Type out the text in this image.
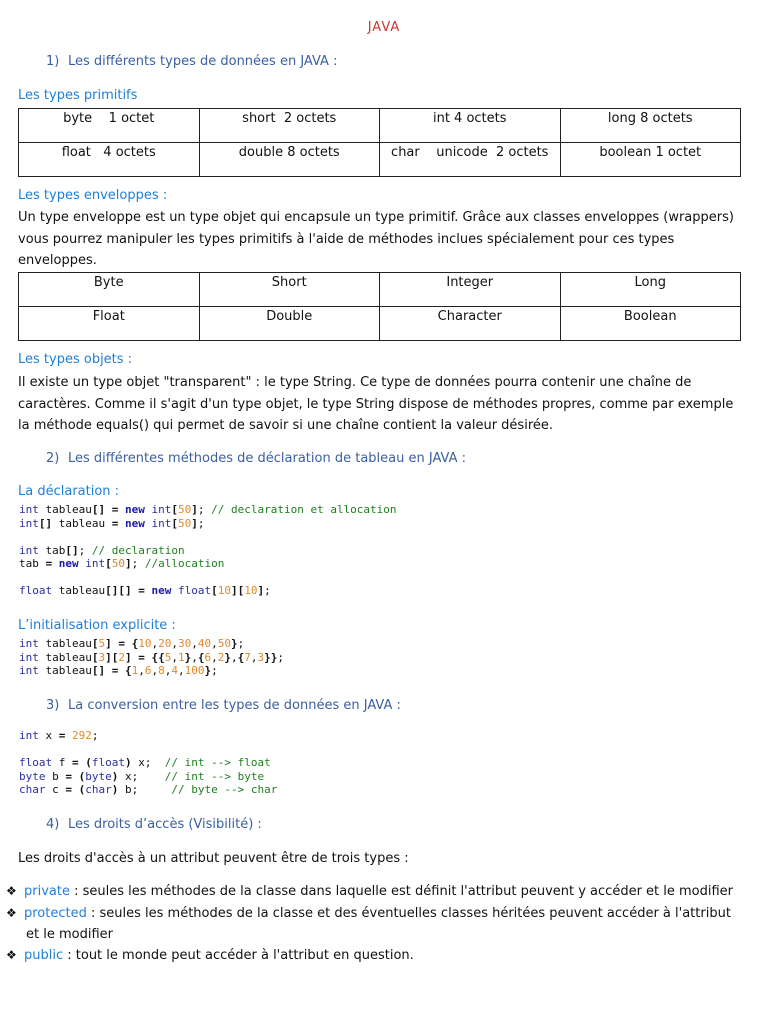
JAVA
1) Les différents types de données en JAVA :
Les types primitifs
byte    1 octet	short  2 octets	int 4 octets	long 8 octets
float   4 octets	double 8 octets	char    unicode  2 octets	boolean 1 octet
Les types enveloppes :
Un type enveloppe est un type objet qui encapsule un type primitif. Grâce aux classes enveloppes (wrappers)
vous pourrez manipuler les types primitifs à l'aide de méthodes inclues spécialement pour ces types
enveloppes.
Byte	Short	Integer	Long
Float	Double	Character	Boolean
Les types objets :
Il existe un type objet "transparent" : le type String. Ce type de données pourra contenir une chaîne de
caractères. Comme il s'agit d'un type objet, le type String dispose de méthodes propres, comme par exemple
la méthode equals() qui permet de savoir si une chaîne contient la valeur désirée.
2) Les différentes méthodes de déclaration de tableau en JAVA :
La déclaration :
int tableau[] = new int[50]; // declaration et allocation
int[] tableau = new int[50];

int tab[]; // declaration
tab = new int[50]; //allocation

float tableau[][] = new float[10][10];
L’initialisation explicite :
int tableau[5] = {10,20,30,40,50};
int tableau[3][2] = {{5,1},{6,2},{7,3}};
int tableau[] = {1,6,8,4,100};
3) La conversion entre les types de données en JAVA :
int x = 292;

float f = (float) x;  // int --> float
byte b = (byte) x;    // int --> byte
char c = (char) b;     // byte --> char
4) Les droits d’accès (Visibilité) :
Les droits d'accès à un attribut peuvent être de trois types :
❖ private : seules les méthodes de la classe dans laquelle est définit l'attribut peuvent y accéder et le modifier
❖ protected : seules les méthodes de la classe et des éventuelles classes héritées peuvent accéder à l'attribut
et le modifier
❖ public : tout le monde peut accéder à l'attribut en question.
